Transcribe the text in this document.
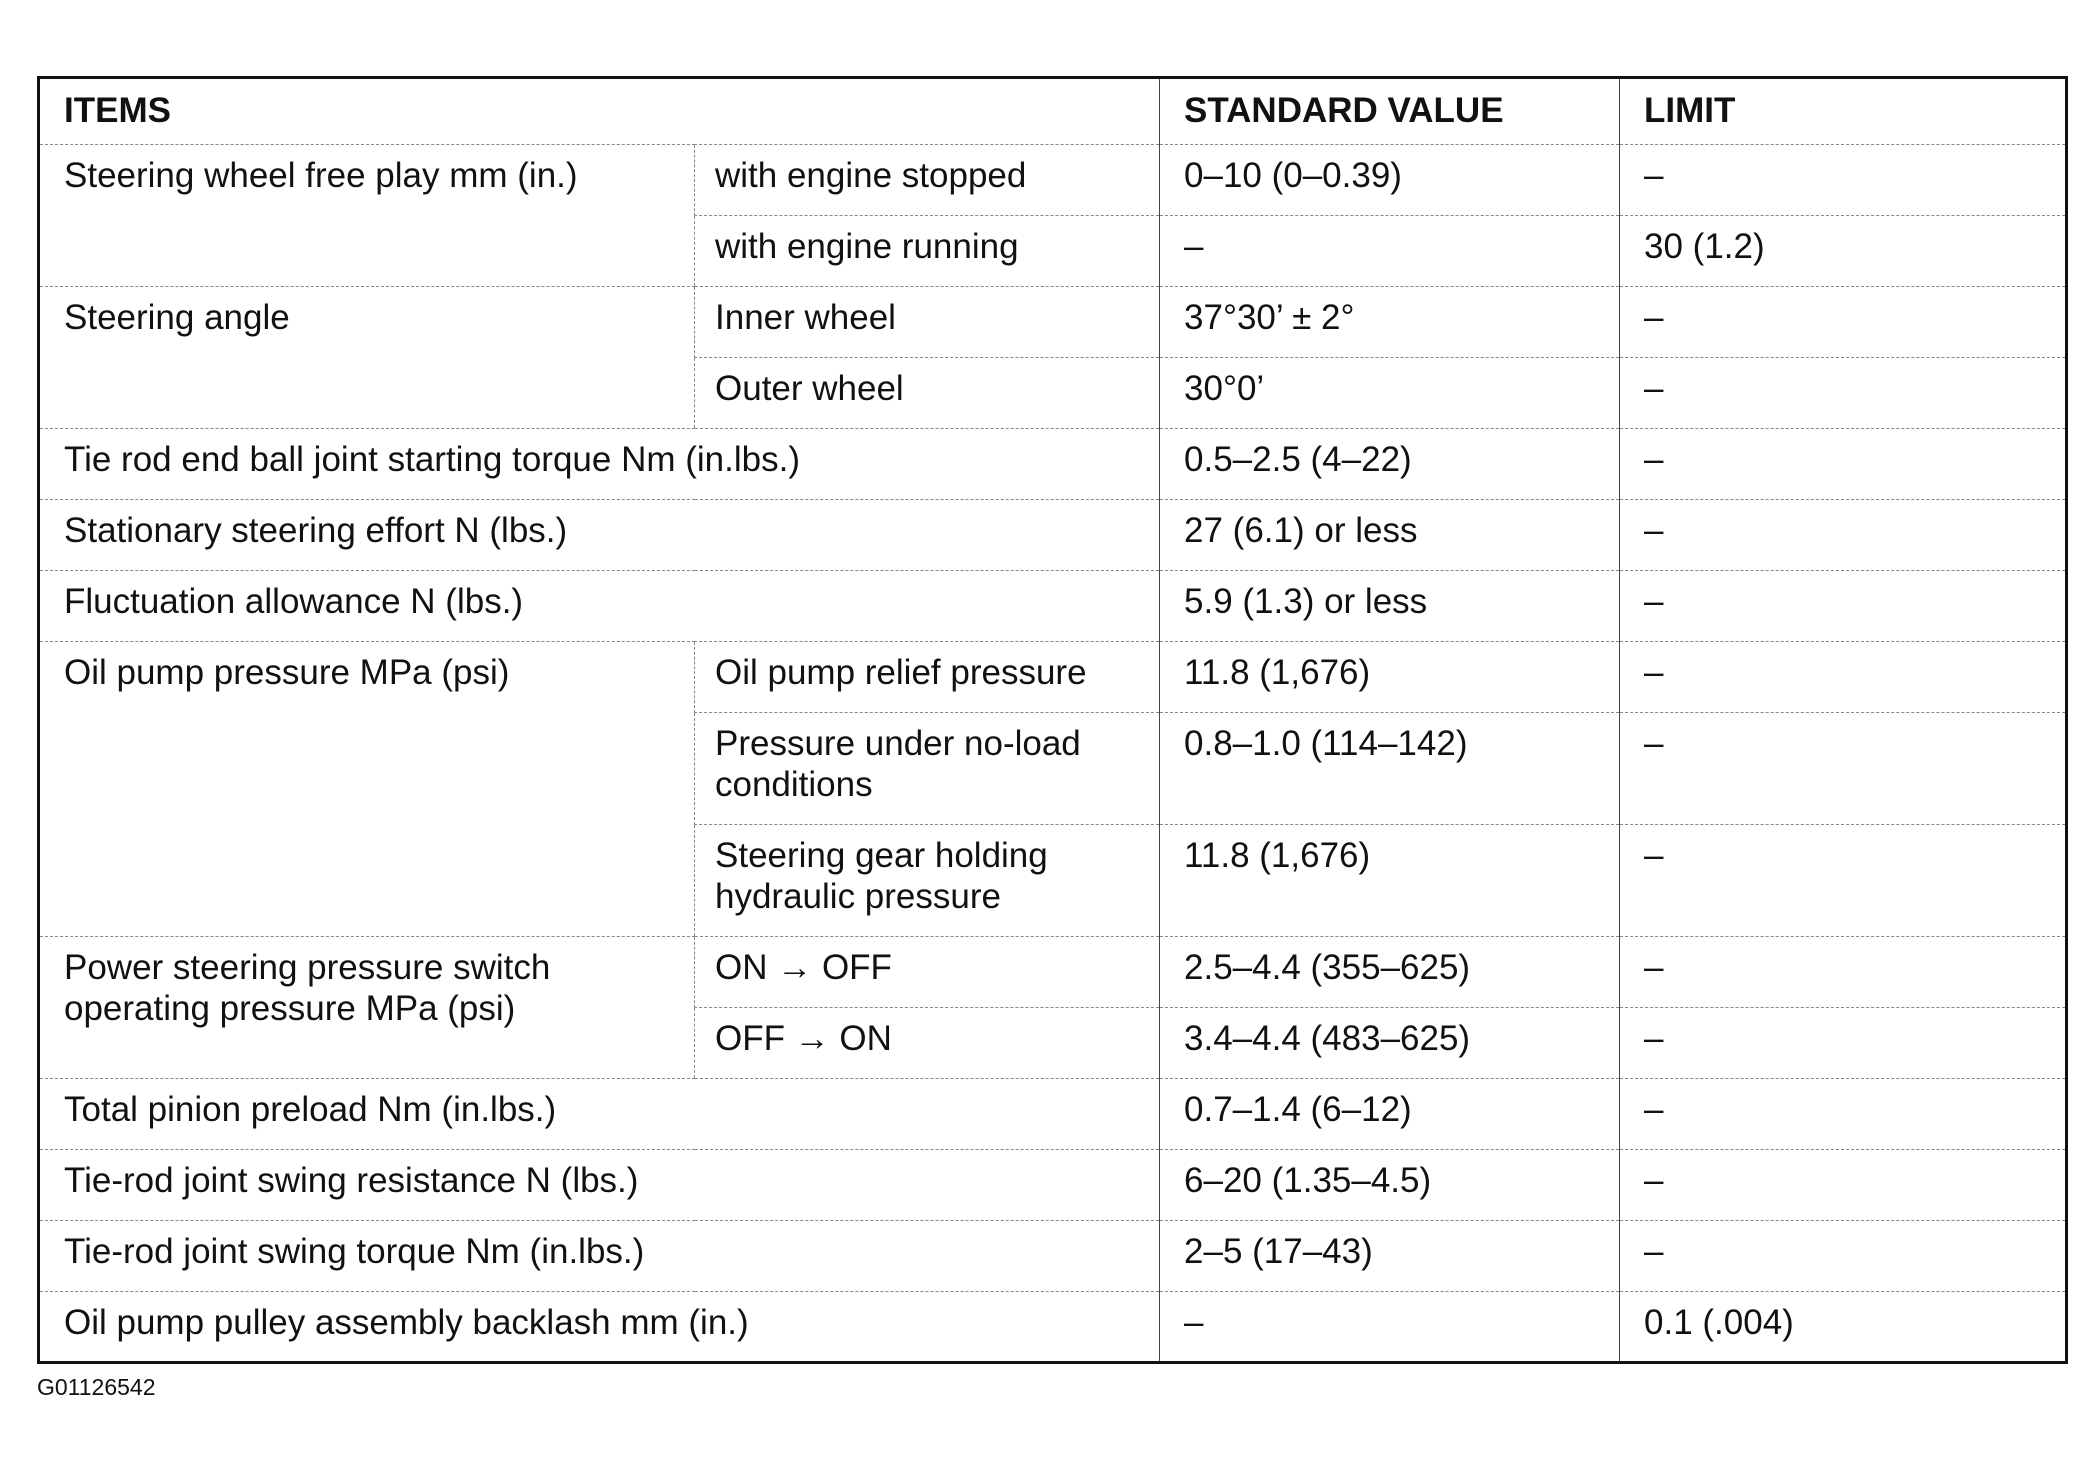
ITEMS		STANDARD VALUE	LIMIT
Steering wheel free play mm (in.)	with engine stopped	0–10 (0–0.39)	–
	with engine running	–	30 (1.2)
Steering angle	Inner wheel	37°30’ ± 2°	–
	Outer wheel	30°0’	–
Tie rod end ball joint starting torque Nm (in.lbs.)		0.5–2.5 (4–22)	–
Stationary steering effort N (lbs.)		27 (6.1) or less	–
Fluctuation allowance N (lbs.)		5.9 (1.3) or less	–
Oil pump pressure MPa (psi)	Oil pump relief pressure	11.8 (1,676)	–
	Pressure under no-load conditions	0.8–1.0 (114–142)	–
	Steering gear holding hydraulic pressure	11.8 (1,676)	–
Power steering pressure switch operating pressure MPa (psi)	ON → OFF	2.5–4.4 (355–625)	–
	OFF → ON	3.4–4.4 (483–625)	–
Total pinion preload Nm (in.lbs.)		0.7–1.4 (6–12)	–
Tie-rod joint swing resistance N (lbs.)		6–20 (1.35–4.5)	–
Tie-rod joint swing torque Nm (in.lbs.)		2–5 (17–43)	–
Oil pump pulley assembly backlash mm (in.)		–	0.1 (.004)
G01126542
